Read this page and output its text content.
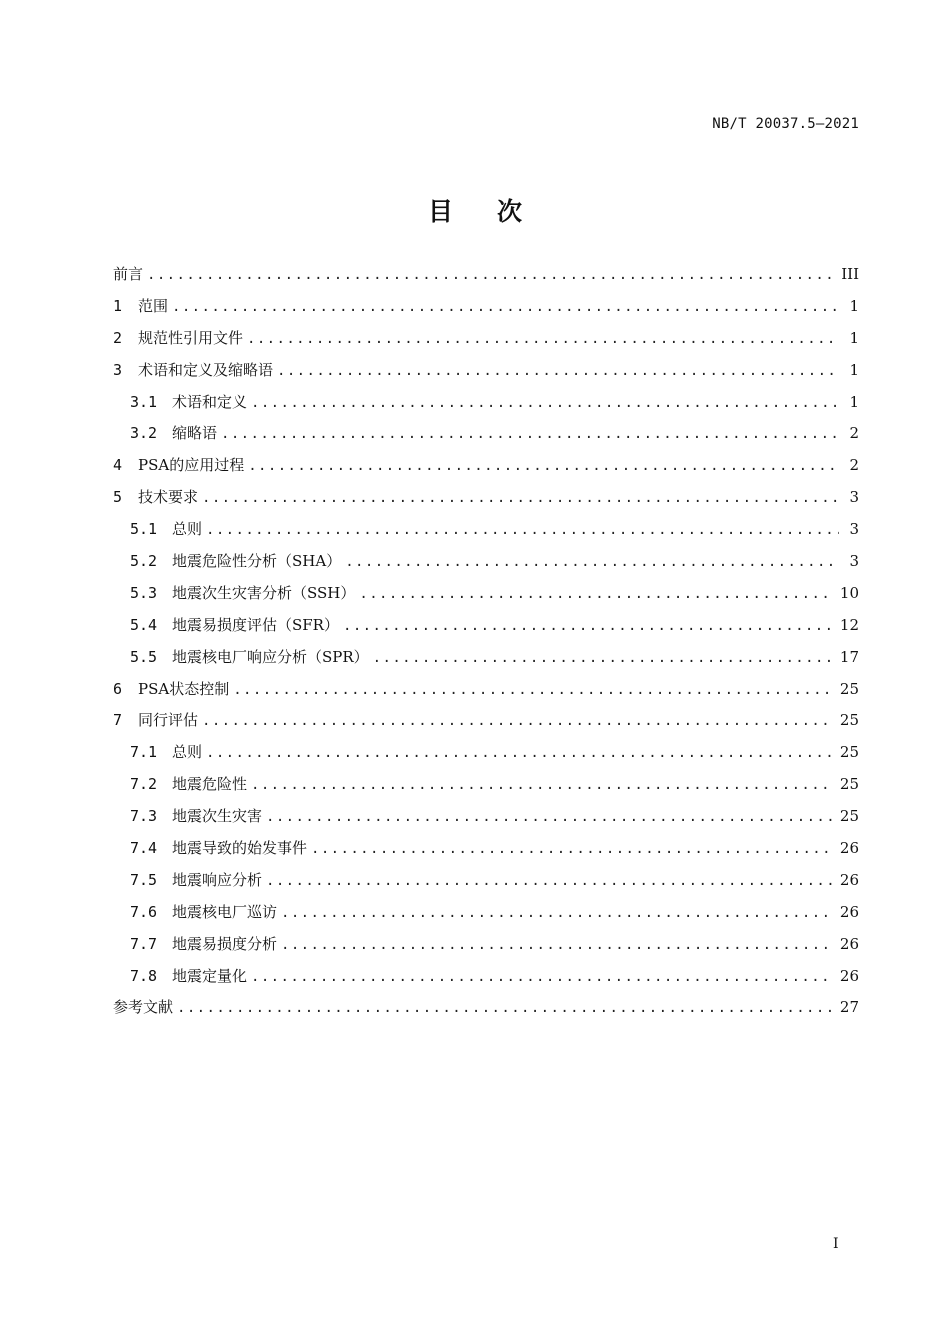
NB/T 20037.5—2021
目 次
前言 .....	III
1	范围 .....	1
2	规范性引用文件 .....	1
3	术语和定义及缩略语 .....	1
3.1 术语和定义 .....	1
3.2 缩略语 .....	2
4	PSA的应用过程 .....	2
5	技术要求 .....	3
5.1 总则 .....	3
5.2 地震危险性分析（SHA） .....	3
5.3 地震次生灾害分析（SSH） .....	10
5.4 地震易损度评估（SFR） .....	12
5.5 地震核电厂响应分析（SPR） .....	17
6	PSA状态控制 .....	25
7	同行评估 .....	25
7.1 总则 .....	25
7.2 地震危险性 .....	25
7.3 地震次生灾害 .....	25
7.4 地震导致的始发事件 .....	26
7.5 地震响应分析 .....	26
7.6 地震核电厂巡访 .....	26
7.7 地震易损度分析 .....	26
7.8 地震定量化 .....	26
参考文献 .....	27
I
